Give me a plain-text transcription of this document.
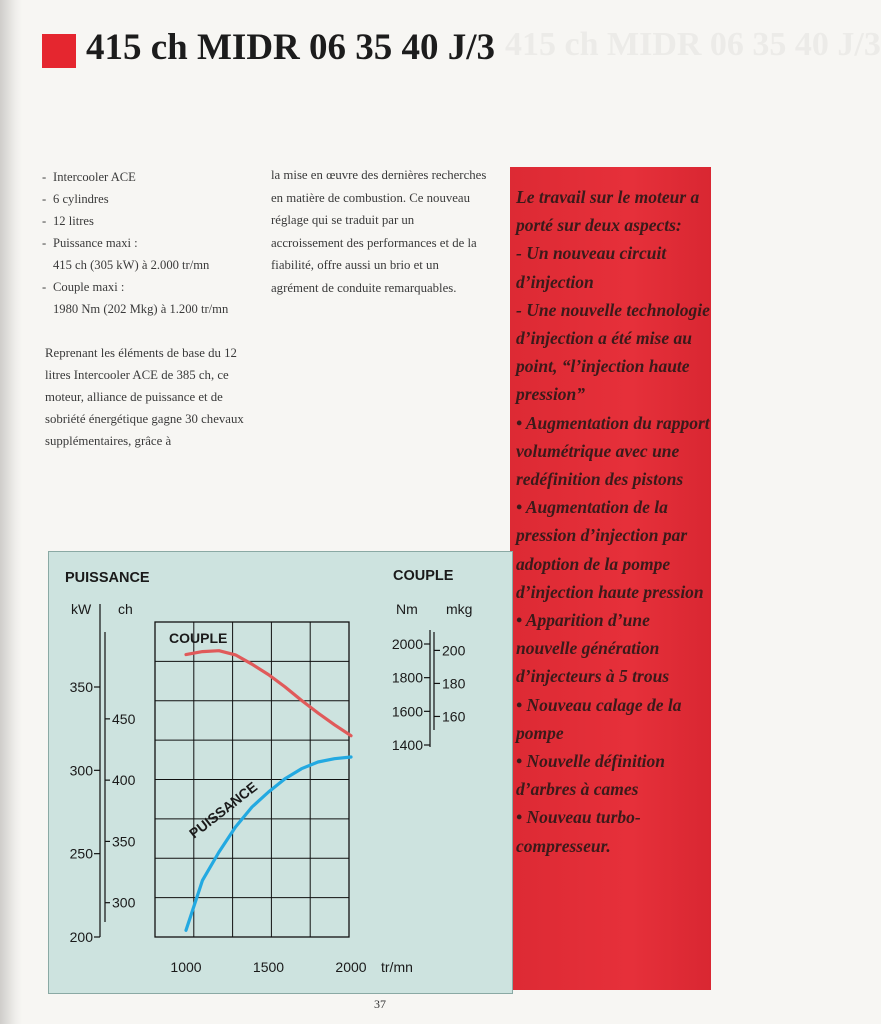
415 ch MIDR 06 35 40 J/3 415 ch MIDR 06 35 40 J/3
- Intercooler ACE
- 6 cylindres
- 12 litres
- Puissance maxi :
415 ch (305 kW) à 2.000 tr/mn
- Couple maxi :
1980 Nm (202 Mkg) à 1.200 tr/mn
Reprenant les éléments de base du 12 litres Intercooler ACE de 385 ch, ce moteur, alliance de puissance et de sobriété énergétique gagne 30 chevaux supplémentaires, grâce à
la mise en œuvre des dernières recherches en matière de combustion. Ce nouveau réglage qui se traduit par un accroissement des performances et de la fiabilité, offre aussi un brio et un agrément de conduite remarquables.

Le travail sur le moteur a porté sur deux aspects:

- Un nouveau circuit d’injection

- Une nouvelle technologie d’injection a été mise au point, “l’injection haute pression”

• Augmentation du rapport volumétrique avec une redéfinition des pistons

• Augmentation de la pression d’injection par adoption de la pompe d’injection haute pression

• Apparition d’une nouvelle génération d’injecteurs à 5 trous

• Nouveau calage de la pompe

• Nouvelle définition d’arbres à cames

• Nouveau turbo-compresseur.

PUISSANCE	COUPLE
kW ch	Nm mkg
350
300
250
200
450
400
350
300
2000
1800
1600
1400
200
180
160
1000	1500	2000 tr/mn
COUPLE
PUISSANCE
37
